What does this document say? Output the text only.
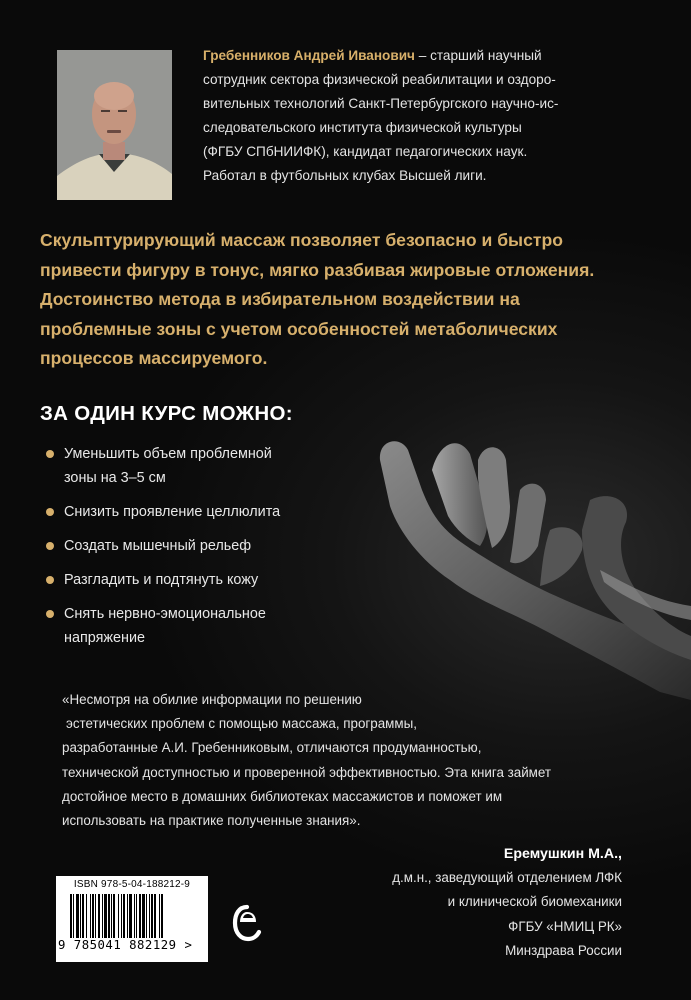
Гребенников Андрей Иванович – старший научный
сотрудник сектора физической реабилитации и оздоро-
вительных технологий Санкт-Петербургского научно-ис-
следовательского института физической культуры
(ФГБУ СПбНИИФК), кандидат педагогических наук.
Работал в футбольных клубах Высшей лиги.
Скульптурирующий массаж позволяет безопасно и быстро
привести фигуру в тонус, мягко разбивая жировые отложения.
Достоинство метода в избирательном воздействии на
проблемные зоны с учетом особенностей метаболических
процессов массируемого.
ЗА ОДИН КУРС МОЖНО:
Уменьшить объем проблемной
зоны на 3–5 см
Снизить проявление целлюлита
Создать мышечный рельеф
Разгладить и подтянуть кожу
Снять нервно-эмоциональное
напряжение
«Несмотря на обилие информации по решению
эстетических проблем с помощью массажа, программы,
разработанные А.И. Гребенниковым, отличаются продуманностью,
технической доступностью и проверенной эффективностью. Эта книга займет
достойное место в домашних библиотеках массажистов и поможет им
использовать на практике полученные знания».
Еремушкин М.А.,
д.м.н., заведующий отделением ЛФК
и клинической биомеханики
ФГБУ «НМИЦ РК»
Минздрава России
ISBN 978-5-04-188212-9
9 785041 882129 >
